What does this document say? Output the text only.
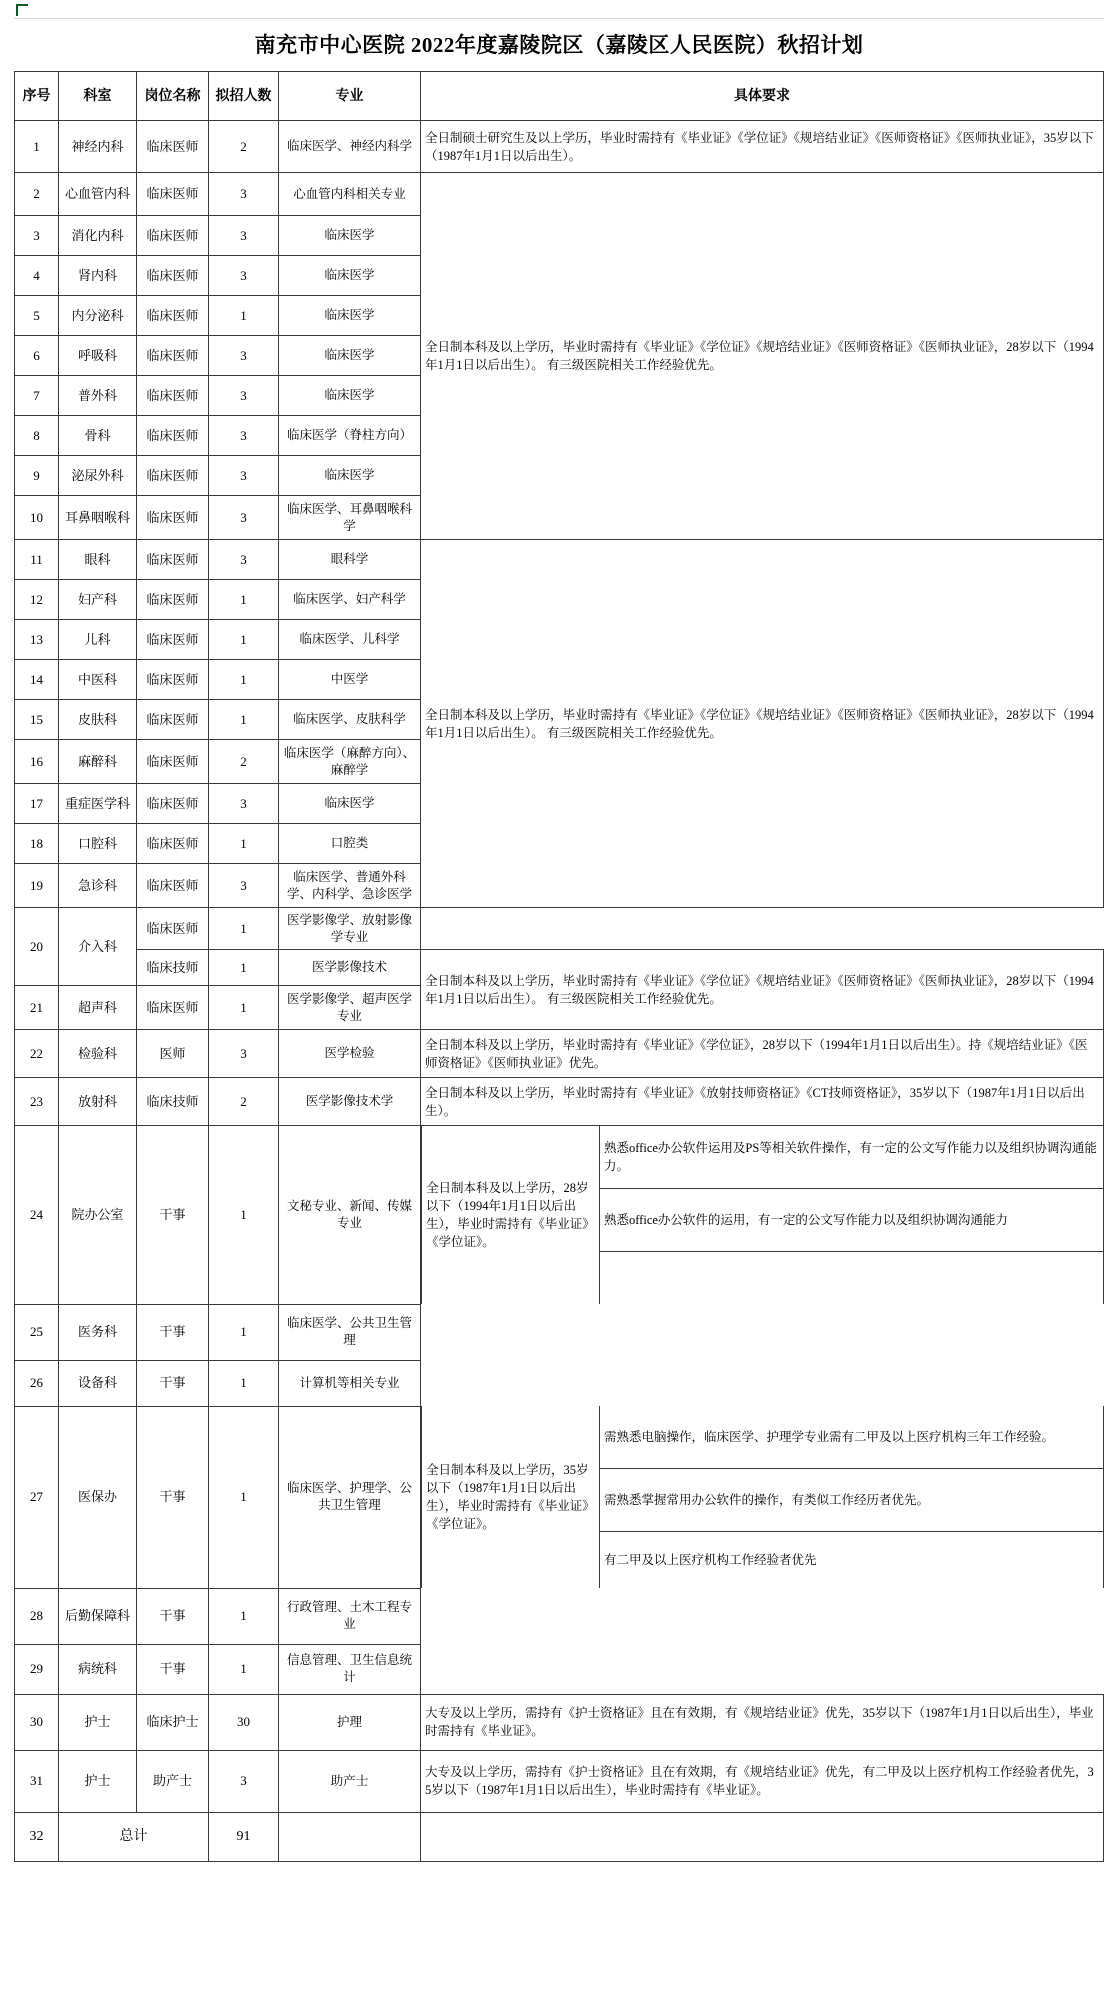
南充市中心医院 2022年度嘉陵院区（嘉陵区人民医院）秋招计划
序号	科室	岗位名称	拟招人数	专业	具体要求
1	神经内科	临床医师	2	临床医学、神经内科学	全日制硕士研究生及以上学历，毕业时需持有《毕业证》《学位证》《规培结业证》《医师资格证》《医师执业证》，35岁以下（1987年1月1日以后出生）。
2	心血管内科	临床医师	3	心血管内科相关专业	全日制本科及以上学历，毕业时需持有《毕业证》《学位证》《规培结业证》《医师资格证》《医师执业证》，28岁以下（1994年1月1日以后出生）。 有三级医院相关工作经验优先。
3	消化内科	临床医师	3	临床医学
4	肾内科	临床医师	3	临床医学
5	内分泌科	临床医师	1	临床医学
6	呼吸科	临床医师	3	临床医学
7	普外科	临床医师	3	临床医学
8	骨科	临床医师	3	临床医学（脊柱方向）
9	泌尿外科	临床医师	3	临床医学
10	耳鼻咽喉科	临床医师	3	临床医学、耳鼻咽喉科学
11	眼科	临床医师	3	眼科学	全日制本科及以上学历，毕业时需持有《毕业证》《学位证》《规培结业证》《医师资格证》《医师执业证》，28岁以下（1994年1月1日以后出生）。 有三级医院相关工作经验优先。
12	妇产科	临床医师	1	临床医学、妇产科学
13	儿科	临床医师	1	临床医学、儿科学
14	中医科	临床医师	1	中医学
15	皮肤科	临床医师	1	临床医学、皮肤科学
16	麻醉科	临床医师	2	临床医学（麻醉方向）、麻醉学
17	重症医学科	临床医师	3	临床医学
18	口腔科	临床医师	1	口腔类
19	急诊科	临床医师	3	临床医学、普通外科学、内科学、急诊医学
20	介入科	临床医师	1	医学影像学、放射影像学专业
临床技师	1	医学影像技术	全日制本科及以上学历，毕业时需持有《毕业证》《学位证》《规培结业证》《医师资格证》《医师执业证》，28岁以下（1994年1月1日以后出生）。 有三级医院相关工作经验优先。
21	超声科	临床医师	1	医学影像学、超声医学专业
22	检验科	医师	3	医学检验	全日制本科及以上学历，毕业时需持有《毕业证》《学位证》，28岁以下（1994年1月1日以后出生）。持《规培结业证》《医师资格证》《医师执业证》优先。
23	放射科	临床技师	2	医学影像技术学	全日制本科及以上学历，毕业时需持有《毕业证》《放射技师资格证》《CT技师资格证》，35岁以下（1987年1月1日以后出生）。
24	院办公室	干事	1	文秘专业、新闻、传媒专业	
全日制本科及以上学历，28岁以下（1994年1月1日以后出生），毕业时需持有《毕业证》《学位证》。	熟悉office办公软件运用及PS等相关软件操作，有一定的公文写作能力以及组织协调沟通能力。
熟悉office办公软件的运用，有一定的公文写作能力以及组织协调沟通能力

25	医务科	干事	1	临床医学、公共卫生管理
26	设备科	干事	1	计算机等相关专业
27	医保办	干事	1	临床医学、护理学、公共卫生管理	
全日制本科及以上学历，35岁以下（1987年1月1日以后出生），毕业时需持有《毕业证》《学位证》。	需熟悉电脑操作，临床医学、护理学专业需有二甲及以上医疗机构三年工作经验。
需熟悉掌握常用办公软件的操作，有类似工作经历者优先。
有二甲及以上医疗机构工作经验者优先

28	后勤保障科	干事	1	行政管理、土木工程专业
29	病统科	干事	1	信息管理、卫生信息统计
30	护士	临床护士	30	护理	大专及以上学历，需持有《护士资格证》且在有效期，有《规培结业证》优先，35岁以下（1987年1月1日以后出生），毕业时需持有《毕业证》。
31	护士	助产士	3	助产士	大专及以上学历，需持有《护士资格证》且在有效期，有《规培结业证》优先，有二甲及以上医疗机构工作经验者优先，35岁以下（1987年1月1日以后出生），毕业时需持有《毕业证》。
32	总计	91		
